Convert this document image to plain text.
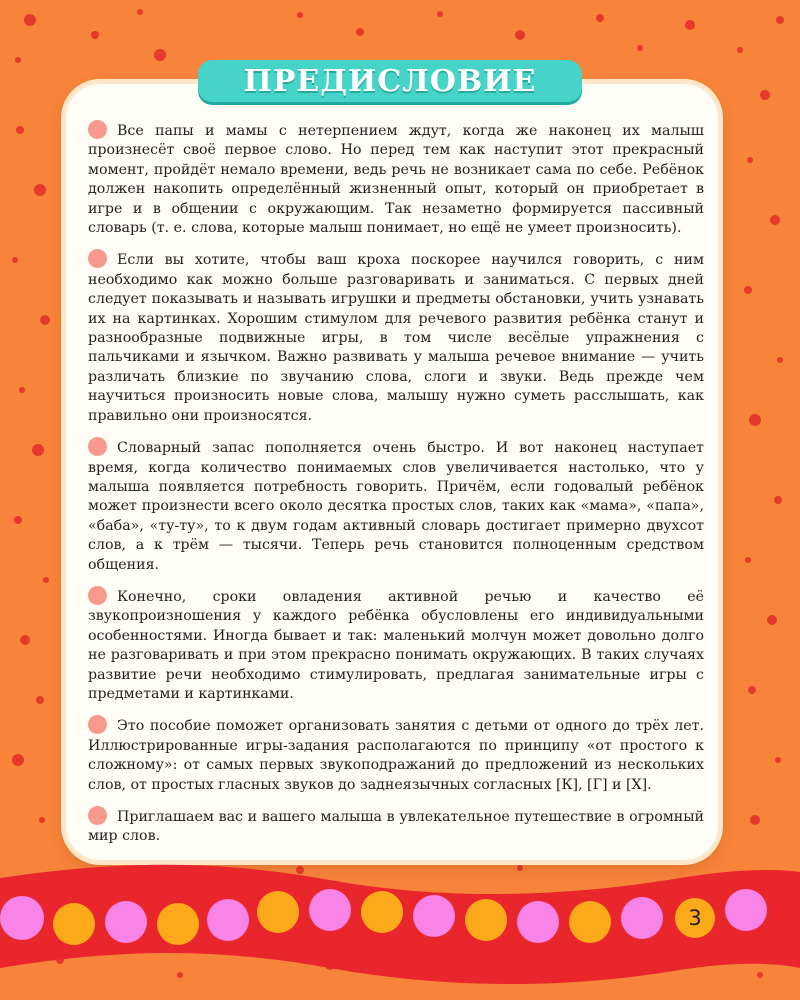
ПРЕДИСЛОВИЕ

Все папы и мамы с нетерпением ждут, когда же наконец их малыш произнесёт своё первое слово. Но перед тем как наступит этот прекрасный момент, пройдёт немало времени, ведь речь не возникает сама по себе. Ребёнок должен накопить определённый жизненный опыт, который он приобретает в игре и в общении с окружающим. Так незаметно формируется пассивный словарь (т. е. слова, которые малыш понимает, но ещё не умеет произносить).

Если вы хотите, чтобы ваш кроха поскорее научился говорить, с ним необходимо как можно больше разговаривать и заниматься. С первых дней следует показывать и называть игрушки и предметы обстановки, учить узнавать их на картинках. Хорошим стимулом для речевого развития ребёнка станут и разнообразные подвижные игры, в том числе весёлые упражнения с пальчиками и язычком. Важно развивать у малыша речевое внимание — учить различать близкие по звучанию слова, слоги и звуки. Ведь прежде чем научиться произносить новые слова, малышу нужно суметь расслышать, как правильно они произносятся.

Словарный запас пополняется очень быстро. И вот наконец наступает время, когда количество понимаемых слов увеличивается настолько, что у малыша появляется потребность говорить. Причём, если годовалый ребёнок может произнести всего около десятка простых слов, таких как «мама», «папа», «баба», «ту-ту», то к двум годам активный словарь достигает примерно двухсот слов, а к трём — тысячи. Теперь речь становится полноценным средством общения.

Конечно, сроки овладения активной речью и качество её звукопроизношения у каждого ребёнка обусловлены его индивидуальными особенностями. Иногда бывает и так: маленький молчун может довольно долго не разговаривать и при этом прекрасно понимать окружающих. В таких случаях развитие речи необходимо стимулировать, предлагая занимательные игры с предметами и картинками.

Это пособие поможет организовать занятия с детьми от одного до трёх лет. Иллюстрированные игры-задания располагаются по принципу «от простого к сложному»: от самых первых звукоподражаний до предложений из нескольких слов, от простых гласных звуков до заднеязычных согласных [К], [Г] и [Х].

Приглашаем вас и вашего малыша в увлекательное путешествие в огромный мир слов.

3
